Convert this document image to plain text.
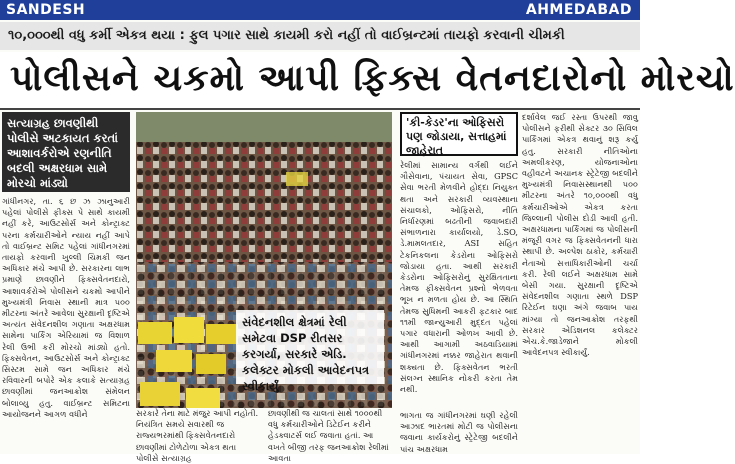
SANDESH	AHMEDABAD
૧૦,૦૦૦થી વધુ કર્મી એકત્ર થયા : ફુલ પગાર સાથે કાયમી કરો નહીં તો વાઈબ્રન્ટમાં તાયફો કરવાની ચીમકી
પોલીસને ચકમો આપી ફિક્સ વેતનદારોનો મોરચો
સત્યાગ્રહ છાવણીથી પોલીસે અટકાયત કરતાં આશાવર્કરોએ રણનીતિ બદલી અક્ષરધામ સામે મોરચો માંડ્યો
ગાંધીનગર, તા. ૬ છ ઝ ઝાનુઆરી પહેલાં પોલીસે ફીક્સ પે સાથે કાયમી નહીં કરે, આઉટસોર્સ અને કોન્ટ્રાક્ટ પરના કર્મચારીઓને ન્યાય નહીં આપે તો વાઈબ્રન્ટ સમિટ પહેલાં ગાંધીનગરમાં તાયફો કરવાની ખુલ્લી ચિમકી જન અધિકાર મંચે આપી છે. સરકારના લાભ પ્રમાણે છાવણીને ફિક્સવેતનદારો, આશાવર્કરોએ પોલીસને ચકમો આપીને મુખ્યમંત્રી નિવાસ સ્થાની માત્ર ૫૦૦ મીટરના અંતરે આવેલા સુરક્ષાની દૃષ્ટિએ અત્યંત સંવેદનશીલ ગણાતા અક્ષરધામ સામેના પાર્કિંગ એરિયામાં જ વિશાળ રેલી ઉભી કરી મોરચો માંડ્યો હતો. ફિક્સવેતન, આઉટસોર્સ અને કોન્ટ્રાક્ટ સિસ્ટમ સામે જન અધિકાર મંચે રવિવારની બપોરે એક કલાકે સત્યાગ્રહ છાવણીમાં જનઆક્રોશ સંમેલન બોલાવ્યુ હતુ. વાઈબ્રન્ટ સમિટના આયોજનને આગળ વધીને	સરકારે તેના માટે મંજુર આપી નહોતી. નિયંત્રિત સમયે સવારથી જ રાજ્યભરમાંથી ફિક્સવેતનદારો છાવણીમાં ટોળેટોળા એકત્ર થતા પોલીસે સત્યાગ્રહ
છાવણીથી જ ચાલતાં સાથે ૧૦૦૦થી વધુ કર્મચારીઓને ડિટેઈન કરીને હેડક્વાટર્સ લઈ જવાતા હતાં. આ વખતે બીજી તરફ જનઆક્રોશ રેલીમાં આવતા
સંવેદનશીલ ક્ષેત્રમાં રેલી સમેટવા DSP રીતસર કરગર્યા, સરકારે એડિ. કલેક્ટર મોકલી આવેદનપત્ર સ્વીકાર્યું
'કી-કેડર'ના ઓફિસરો પણ જોડાયા, સત્તાહમાં જાહેરાત
રેલીમાં સામાન્ય વર્ગથી લઈને ગૌસેવાના, પંચાયત સેવા, GPSC સેવા ભરતી મેળવીને હોદ્દા નિયુક્ત થતા અને સરકારી વ્યવસ્થાના સંચાલકો, ઓફિસરો, નીતિ નિર્ધારણમાં બઢતીની જવાબદારી સંભાળનારા કાર્યાલયો, ડે.SO, ડે.મામલતદાર, ASI સહિત ટેકનિકલના કેડરોના ઓફિસરો જોડાયા હતા. આથી સરકારી કેડરોના ઓફિસરોનું સુરક્ષિતતાના તેમજ ફીક્સવેતન પ્રશ્નો ભેળવતા ભૂખ ન મળતા હોય છે. આ સ્થિતિ તેમજ સુધિમની આકરી ફટકાર બાદ ૧૧મી જાન્યુઆરી મુદ્દત પહેલાં પગાર વધારાની ઓળખ આવી છે. આથી આગામી અઠવાડિયામાં ગાંધીનગરમાં નક્કર જાહેરાત થવાની શક્યતા છે. ફિક્સવેતન ભરતી સંલગ્ન સ્થાનિક નોકરી કરતા તેમ નથી.
દર્શાવેલ જઈ રસ્તા ઉપરથી જાવુ પોલીસને ફરીથી સેક્ટર ૩૦ સિવિલ પાર્કિંગમાં એકત્ર થવાનું શરૂ કર્યુ હતુ. સરકારી નીતિઓના અમલીકરણ, યોજનાઓના વહીવટને અચાનક સ્ટ્રેટેજી બદલીને મુખ્યમંત્રી નિવાસસ્થાનથી ૫૦૦ મીટરના અંતરે ૧૦,૦૦૦થી વધુ કર્મચારીઓએ એકત્ર કરતા જિલ્લાની પોલીસ દોડી આવી હતી. અક્ષરધામના પાર્કિંગમાં જ પોલીસની મંજૂરી વગર જ ફિક્સવેતનની ધારા સ્થાપી છે. અલ્પેશ ઠાકોર, કર્મચારી નેતાઓ સત્તાધિકારીઓની ચર્ચા કરી. રેલી લઈને અક્ષરધામ સામે બેસી ગયા. સુરક્ષાની દૃષ્ટિએ સંવેદનશીલ ગણાતા સ્થળે DSP રિટેઈન ઘણા અંગે જવાબ પાય માંગ્યા તો જનઆક્રોશ તરફથી સરકાર એડિશનલ કલેક્ટર એચ.કે.જાડેજાને મોકલી આવેદનપત્ર સ્વીકાર્યું.
ભાગતા જ ગાંધીનગરમાં ઘણી રહેલી આઝાદ ભારતમાં મોટી જ પોલીસના જવાના કાર્યકરોનું સ્ટ્રેટેજી બદલીને પાંચ અક્ષરધામ
